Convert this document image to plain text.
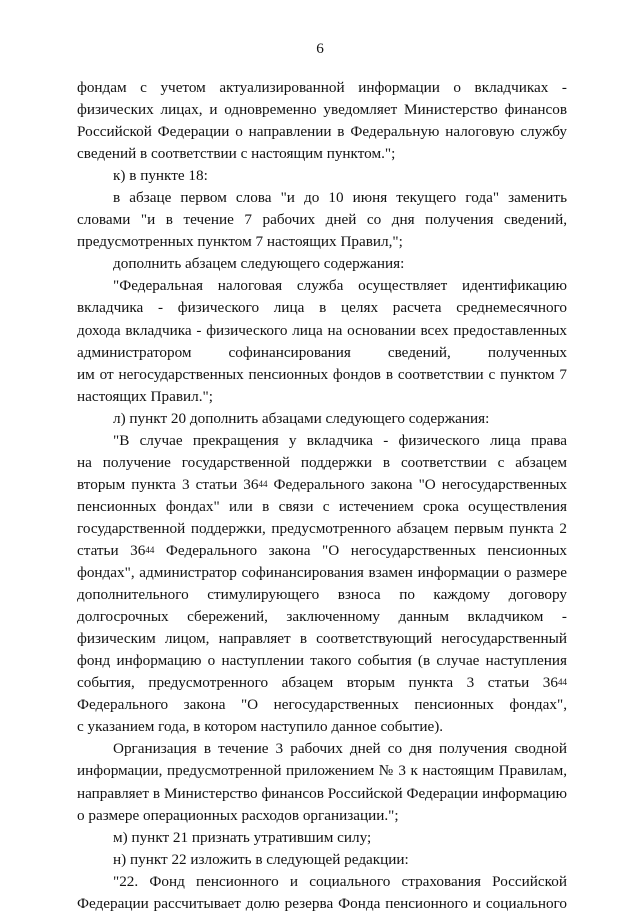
6
фондам с учетом актуализированной информации о вкладчиках -
физических лицах, и одновременно уведомляет Министерство финансов
Российской Федерации о направлении в Федеральную налоговую службу
сведений в соответствии с настоящим пунктом.";
к) в пункте 18:
в абзаце первом слова "и до 10 июня текущего года" заменить
словами "и в течение 7 рабочих дней со дня получения сведений,
предусмотренных пунктом 7 настоящих Правил,";
дополнить абзацем следующего содержания:
"Федеральная налоговая служба осуществляет идентификацию
вкладчика - физического лица в целях расчета среднемесячного
дохода вкладчика - физического лица на основании всех предоставленных
администратором софинансирования сведений, полученных
им от негосударственных пенсионных фондов в соответствии с пунктом 7
настоящих Правил.";
л) пункт 20 дополнить абзацами следующего содержания:
"В случае прекращения у вкладчика - физического лица права
на получение государственной поддержки в соответствии с абзацем
вторым пункта 3 статьи $36^{44}$ Федерального закона "О негосударственных
пенсионных фондах" или в связи с истечением срока осуществления
государственной поддержки, предусмотренного абзацем первым пункта 2
статьи $36^{44}$ Федерального закона "О негосударственных пенсионных
фондах", администратор софинансирования взамен информации о размере
дополнительного стимулирующего взноса по каждому договору
долгосрочных сбережений, заключенному данным вкладчиком -
физическим лицом, направляет в соответствующий негосударственный
фонд информацию о наступлении такого события (в случае наступления
события, предусмотренного абзацем вторым пункта 3 статьи $36^{44}$
Федерального закона "О негосударственных пенсионных фондах",
с указанием года, в котором наступило данное событие).
Организация в течение 3 рабочих дней со дня получения сводной
информации, предусмотренной приложением № 3 к настоящим Правилам,
направляет в Министерство финансов Российской Федерации информацию
о размере операционных расходов организации.";
м) пункт 21 признать утратившим силу;
н) пункт 22 изложить в следующей редакции:
"22. Фонд пенсионного и социального страхования Российской
Федерации рассчитывает долю резерва Фонда пенсионного и социального
